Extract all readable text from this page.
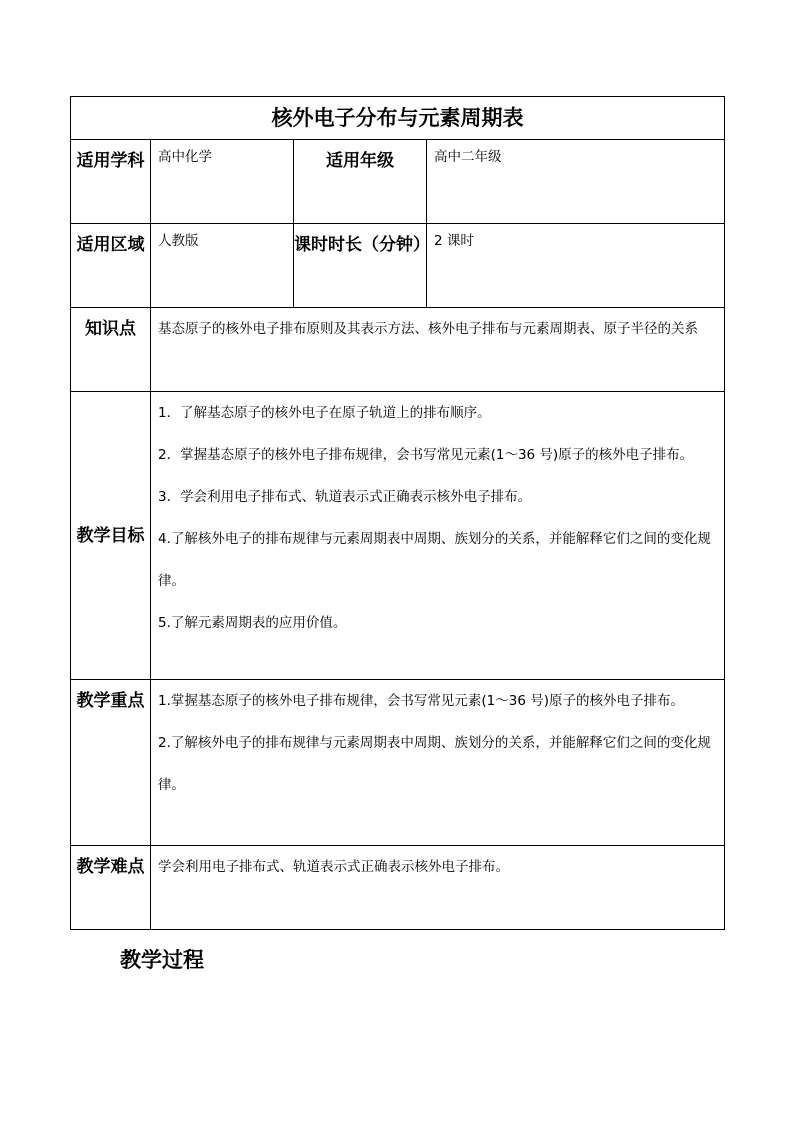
核外电子分布与元素周期表			
适用学科	高中化学	适用年级	高中二年级
适用区域	人教版	课时时长（分钟）	2 课时
知识点	基态原子的核外电子排布原则及其表示方法、核外电子排布与元素周期表、原子半径的关系		
教学目标	1．了解基态原子的核外电子在原子轨道上的排布顺序。

2．掌握基态原子的核外电子排布规律，会书写常见元素(1～36 号)原子的核外电子排布。

3．学会利用电子排布式、轨道表示式正确表示核外电子排布。

4.了解核外电子的排布规律与元素周期表中周期、族划分的关系，并能解释它们之间的变化规律。

5.了解元素周期表的应用价值。		

教学重点	1.掌握基态原子的核外电子排布规律，会书写常见元素(1～36 号)原子的核外电子排布。

2.了解核外电子的排布规律与元素周期表中周期、族划分的关系，并能解释它们之间的变化规律。		

教学难点	学会利用电子排布式、轨道表示式正确表示核外电子排布。		
教学过程
